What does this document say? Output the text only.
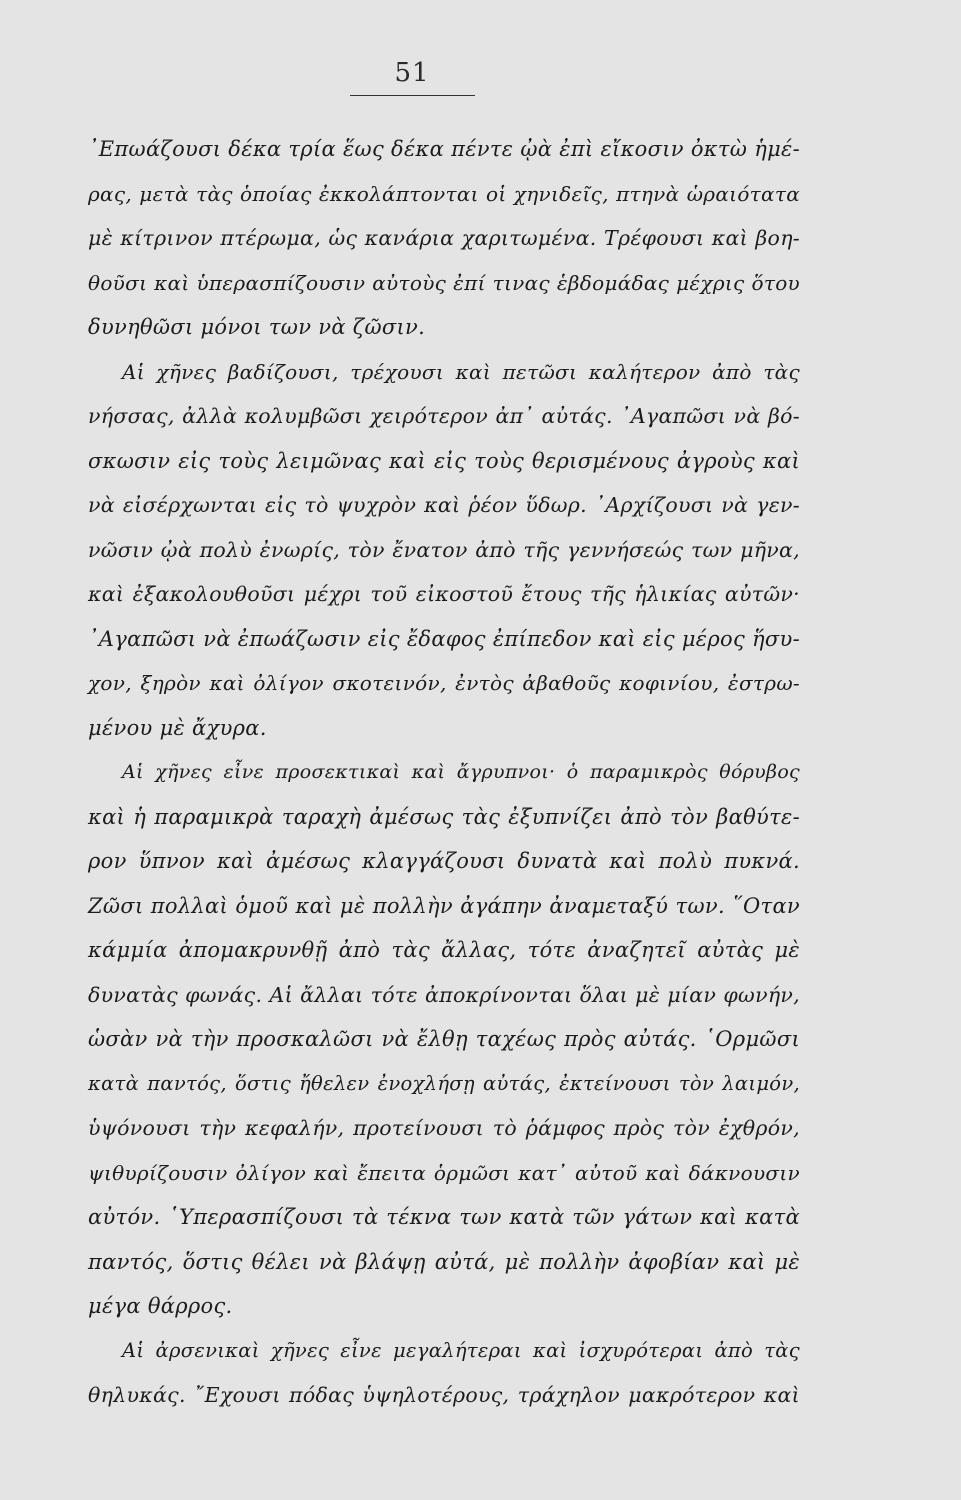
51
᾿Επωάζουσι δέκα τρία ἕως δέκα πέντε ᾠὰ ἐπὶ εἴκοσιν ὀκτὼ ἡμέ-
ρας, μετὰ τὰς ὁποίας ἐκκολάπτονται οἱ χηνιδεῖς, πτηνὰ ὡραιότατα
μὲ κίτρινον πτέρωμα, ὡς κανάρια χαριτωμένα. Τρέφουσι καὶ βοη-
θοῦσι καὶ ὑπερασπίζουσιν αὐτοὺς ἐπί τινας ἑβδομάδας μέχρις ὅτου
δυνηθῶσι μόνοι των νὰ ζῶσιν.
Αἱ χῆνες βαδίζουσι, τρέχουσι καὶ πετῶσι καλήτερον ἀπὸ τὰς
νήσσας, ἀλλὰ κολυμβῶσι χειρότερον ἀπ᾿ αὐτάς. ᾿Αγαπῶσι νὰ βό-
σκωσιν εἰς τοὺς λειμῶνας καὶ εἰς τοὺς θερισμένους ἀγροὺς καὶ
νὰ εἰσέρχωνται εἰς τὸ ψυχρὸν καὶ ῥέον ὕδωρ. ᾿Αρχίζουσι νὰ γεν-
νῶσιν ᾠὰ πολὺ ἐνωρίς, τὸν ἔνατον ἀπὸ τῆς γεννήσεώς των μῆνα,
καὶ ἐξακολουθοῦσι μέχρι τοῦ εἰκοστοῦ ἔτους τῆς ἡλικίας αὐτῶν·
᾿Αγαπῶσι νὰ ἐπωάζωσιν εἰς ἔδαφος ἐπίπεδον καὶ εἰς μέρος ἥσυ-
χον, ξηρὸν καὶ ὀλίγον σκοτεινόν, ἐντὸς ἀβαθοῦς κοφινίου, ἐστρω-
μένου μὲ ἄχυρα.
Αἱ χῆνες εἶνε προσεκτικαὶ καὶ ἄγρυπνοι· ὁ παραμικρὸς θόρυβος
καὶ ἡ παραμικρὰ ταραχὴ ἀμέσως τὰς ἐξυπνίζει ἀπὸ τὸν βαθύτε-
ρον ὕπνον καὶ ἀμέσως κλαγγάζουσι δυνατὰ καὶ πολὺ πυκνά.
Ζῶσι πολλαὶ ὁμοῦ καὶ μὲ πολλὴν ἀγάπην ἀναμεταξύ των. ῞Οταν
κάμμία ἀπομακρυνθῇ ἀπὸ τὰς ἄλλας, τότε ἀναζητεῖ αὐτὰς μὲ
δυνατὰς φωνάς. Αἱ ἄλλαι τότε ἀποκρίνονται ὅλαι μὲ μίαν φωνήν,
ὡσὰν νὰ τὴν προσκαλῶσι νὰ ἔλθῃ ταχέως πρὸς αὐτάς. ῾Ορμῶσι
κατὰ παντός, ὅστις ἤθελεν ἐνοχλήσῃ αὐτάς, ἐκτείνουσι τὸν λαιμόν,
ὑψόνουσι τὴν κεφαλήν, προτείνουσι τὸ ῥάμφος πρὸς τὸν ἐχθρόν,
ψιθυρίζουσιν ὀλίγον καὶ ἔπειτα ὁρμῶσι κατ᾿ αὐτοῦ καὶ δάκνουσιν
αὐτόν. ῾Υπερασπίζουσι τὰ τέκνα των κατὰ τῶν γάτων καὶ κατὰ
παντός, ὅστις θέλει νὰ βλάψῃ αὐτά, μὲ πολλὴν ἀφοβίαν καὶ μὲ
μέγα θάρρος.
Αἱ ἀρσενικαὶ χῆνες εἶνε μεγαλήτεραι καὶ ἰσχυρότεραι ἀπὸ τὰς
θηλυκάς. ῎Εχουσι πόδας ὑψηλοτέρους, τράχηλον μακρότερον καὶ
